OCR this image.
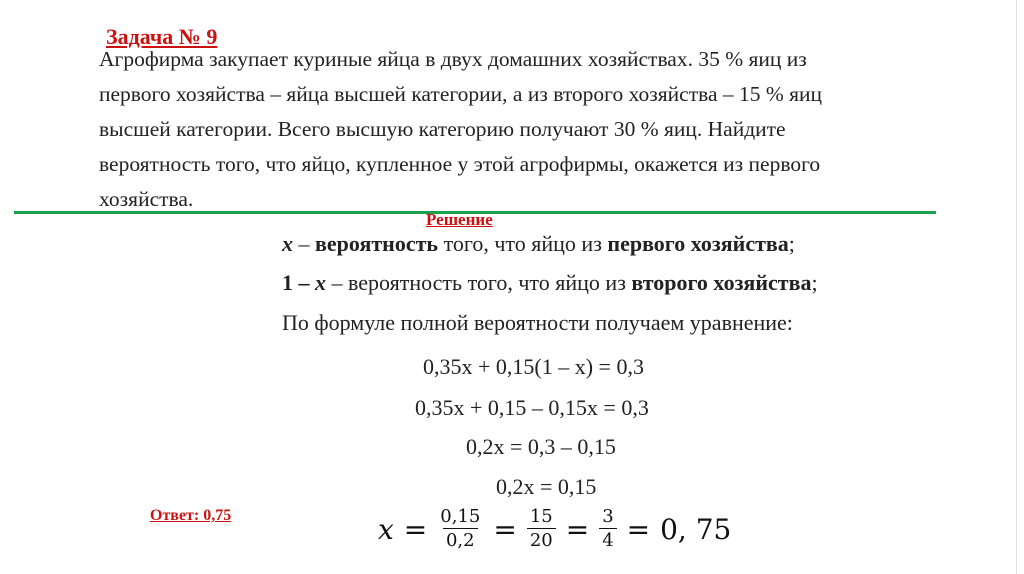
Задача № 9
Агрофирма закупает куриные яйца в двух домашних хозяйствах. 35 % яиц из
первого хозяйства – яйца высшей категории, а из второго хозяйства – 15 % яиц
высшей категории. Всего высшую категорию получают 30 % яиц. Найдите
вероятность того, что яйцо, купленное у этой агрофирмы, окажется из первого
хозяйства.
Решение
x – вероятность того, что яйцо из первого хозяйства;
1 – x – вероятность того, что яйцо из второго хозяйства;
По формуле полной вероятности получаем уравнение:
0,35x + 0,15(1 – x) = 0,3
0,35x + 0,15 – 0,15x = 0,3
0,2x = 0,3 – 0,15
0,2x = 0,15
Ответ: 0,75	$x = \frac{0,15}{0,2} = \frac{15}{20} = \frac{3}{4} = 0$, 75
